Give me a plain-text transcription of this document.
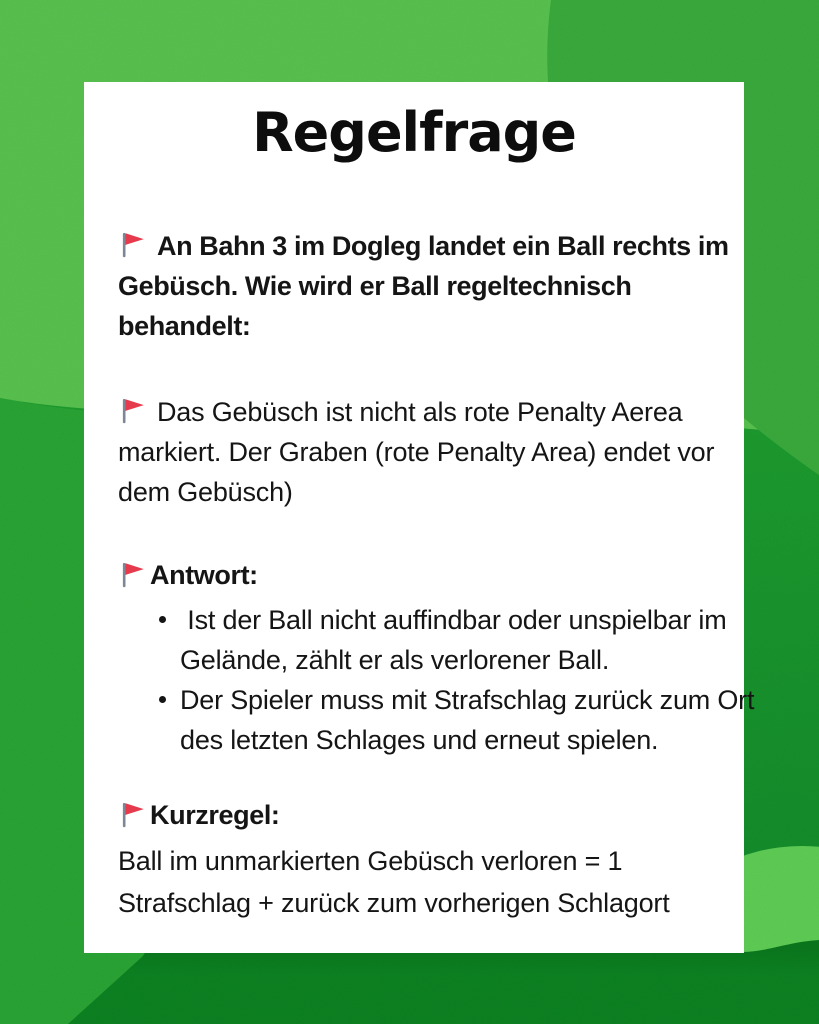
Regelfrage
An Bahn 3 im Dogleg landet ein Ball rechts im
Gebüsch. Wie wird er Ball regeltechnisch
behandelt:
Das Gebüsch ist nicht als rote Penalty Aerea
markiert. Der Graben (rote Penalty Area) endet vor
dem Gebüsch)
Antwort:
Ist der Ball nicht auffindbar oder unspielbar im
Gelände, zählt er als verlorener Ball.
Der Spieler muss mit Strafschlag zurück zum Ort
des letzten Schlages und erneut spielen.
Kurzregel:
Ball im unmarkierten Gebüsch verloren = 1
Strafschlag + zurück zum vorherigen Schlagort
